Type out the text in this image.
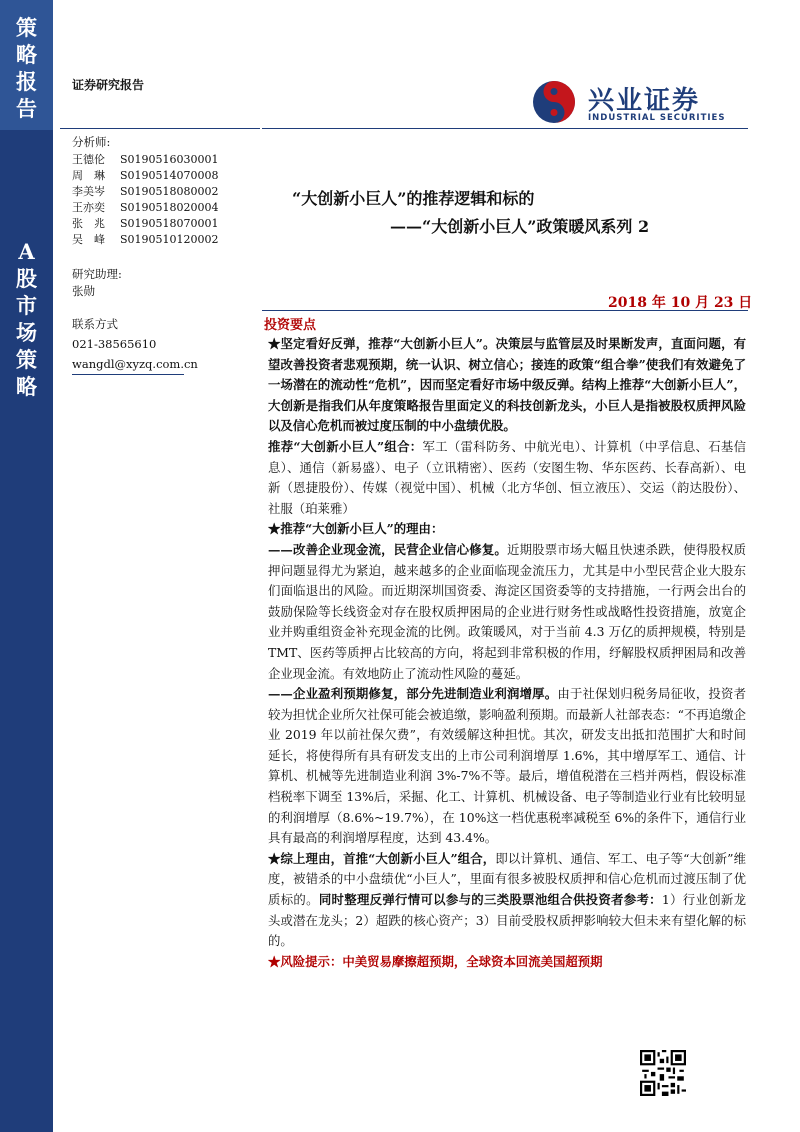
策
略
报
告
A
股
市
场
策
略
证券研究报告
兴业证券
INDUSTRIAL SECURITIES
分析师:
王德伦	S0190516030001
周　琳	S0190514070008
李美岑	S0190518080002
王亦奕	S0190518020004
张　兆	S0190518070001
吴　峰	S0190510120002
研究助理:
张勋
联系方式
021-38565610
wangdl@xyzq.com.cn
“大创新小巨人”的推荐逻辑和标的
——“大创新小巨人”政策暖风系列 2
2018 年 10 月 23 日
投资要点

★坚定看好反弹，推荐“大创新小巨人”。决策层与监管层及时果断发声，直面问题，有望改善投资者悲观预期，统一认识、树立信心；接连的政策“组合拳”使我们有效避免了一场潜在的流动性“危机”，因而坚定看好市场中级反弹。结构上推荐“大创新小巨人”，大创新是指我们从年度策略报告里面定义的科技创新龙头，小巨人是指被股权质押风险以及信心危机而被过度压制的中小盘绩优股。

推荐“大创新小巨人”组合：军工（雷科防务、中航光电）、计算机（中孚信息、石基信息）、通信（新易盛）、电子（立讯精密）、医药（安图生物、华东医药、长春高新）、电新（恩捷股份）、传媒（视觉中国）、机械（北方华创、恒立液压）、交运（韵达股份）、社服（珀莱雅）

★推荐“大创新小巨人”的理由：

——改善企业现金流，民营企业信心修复。近期股票市场大幅且快速杀跌，使得股权质押问题显得尤为紧迫，越来越多的企业面临现金流压力，尤其是中小型民营企业大股东们面临退出的风险。而近期深圳国资委、海淀区国资委等的支持措施，一行两会出台的鼓励保险等长线资金对存在股权质押困局的企业进行财务性或战略性投资措施，放宽企业并购重组资金补充现金流的比例。政策暖风，对于当前 4.3 万亿的质押规模，特别是 TMT、医药等质押占比较高的方向，将起到非常积极的作用，纾解股权质押困局和改善企业现金流。有效地防止了流动性风险的蔓延。

——企业盈利预期修复，部分先进制造业利润增厚。由于社保划归税务局征收，投资者较为担忧企业所欠社保可能会被追缴，影响盈利预期。而最新人社部表态：“不再追缴企业 2019 年以前社保欠费”，有效缓解这种担忧。其次，研发支出抵扣范围扩大和时间延长，将使得所有具有研发支出的上市公司利润增厚 1.6%，其中增厚军工、通信、计算机、机械等先进制造业利润 3%-7%不等。最后，增值税潜在三档并两档，假设标准档税率下调至 13%后，采掘、化工、计算机、机械设备、电子等制造业行业有比较明显的利润增厚（8.6%~19.7%），在 10%这一档优惠税率减税至 6%的条件下，通信行业具有最高的利润增厚程度，达到 43.4%。

★综上理由，首推“大创新小巨人”组合，即以计算机、通信、军工、电子等“大创新”维度，被错杀的中小盘绩优“小巨人”，里面有很多被股权质押和信心危机而过渡压制了优质标的。同时整理反弹行情可以参与的三类股票池组合供投资者参考：1）行业创新龙头或潜在龙头；2）超跌的核心资产；3）目前受股权质押影响较大但未来有望化解的标的。

★风险提示：中美贸易摩擦超预期，全球资本回流美国超预期
